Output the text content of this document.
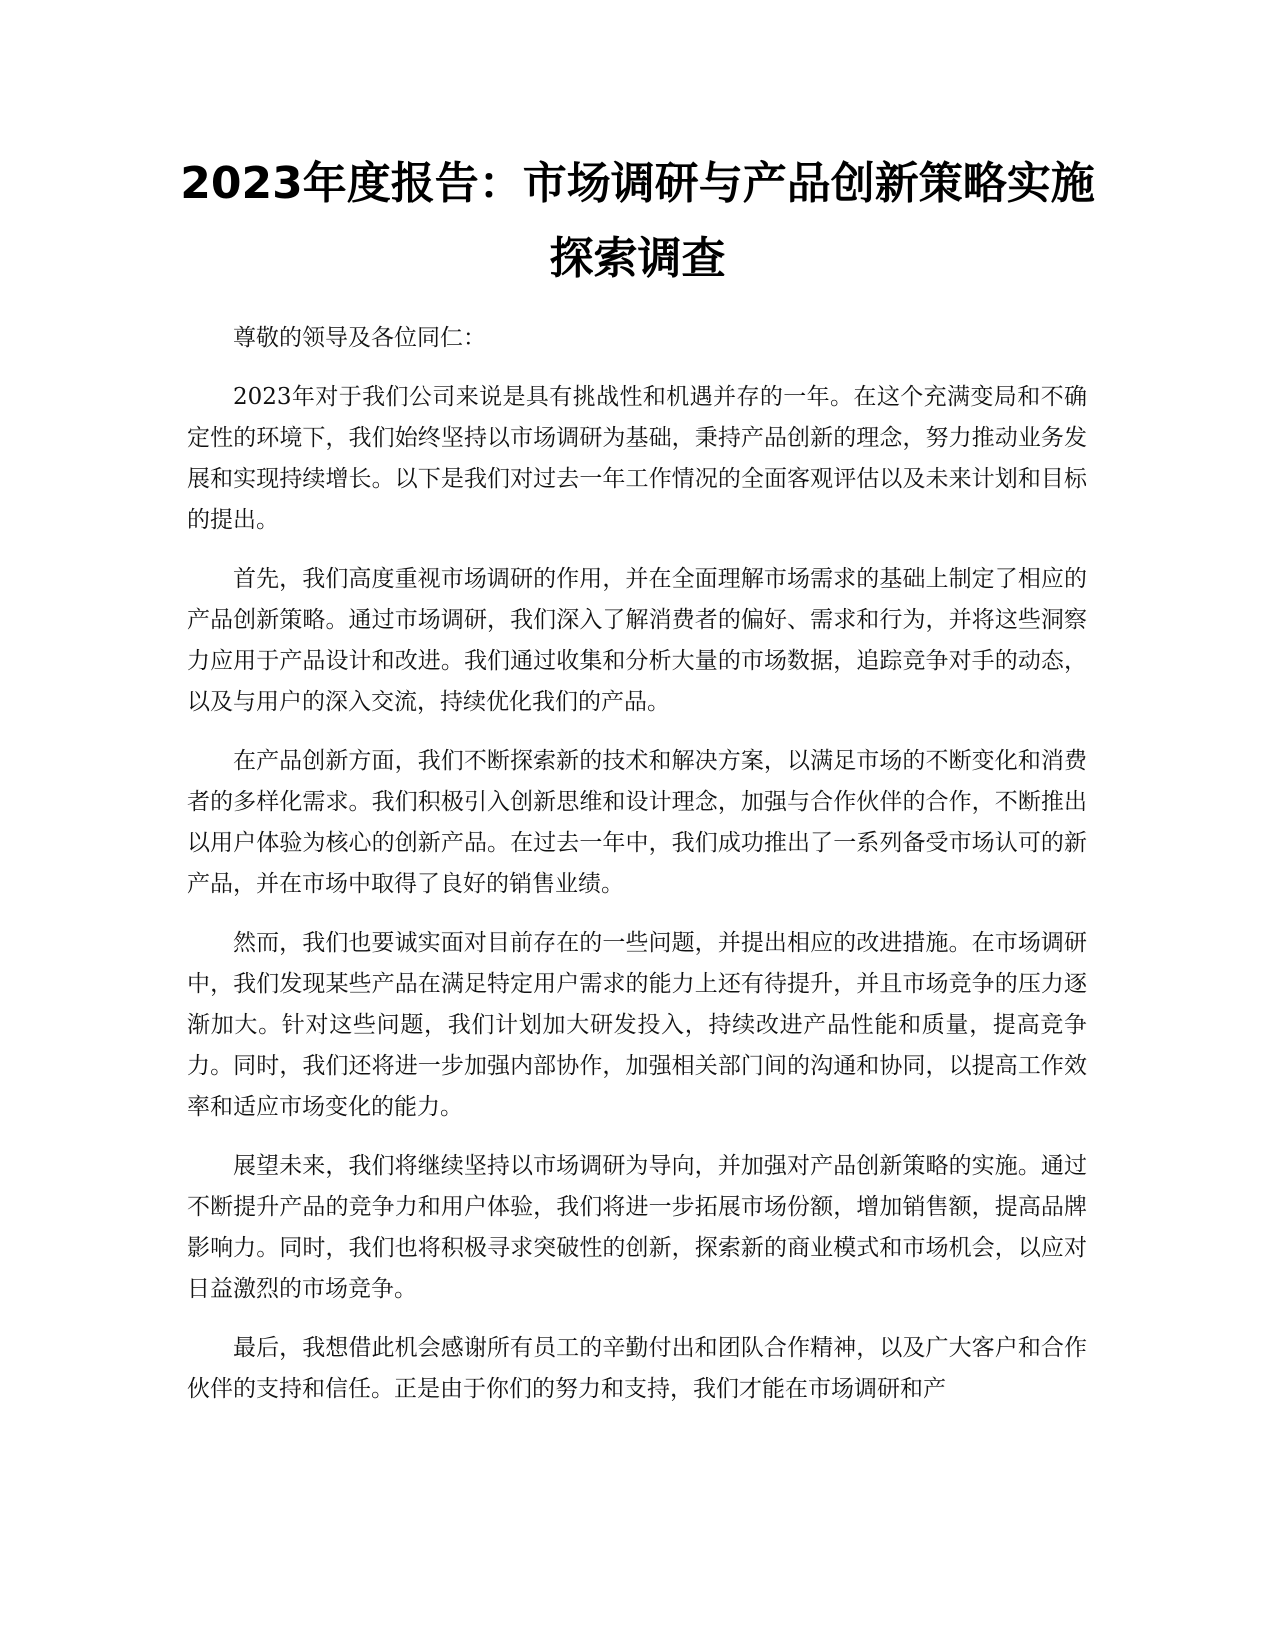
2023年度报告：市场调研与产品创新策略实施探索调查

尊敬的领导及各位同仁：

2023年对于我们公司来说是具有挑战性和机遇并存的一年。在这个充满变局和不确定性的环境下，我们始终坚持以市场调研为基础，秉持产品创新的理念，努力推动业务发展和实现持续增长。以下是我们对过去一年工作情况的全面客观评估以及未来计划和目标的提出。

首先，我们高度重视市场调研的作用，并在全面理解市场需求的基础上制定了相应的产品创新策略。通过市场调研，我们深入了解消费者的偏好、需求和行为，并将这些洞察力应用于产品设计和改进。我们通过收集和分析大量的市场数据，追踪竞争对手的动态，以及与用户的深入交流，持续优化我们的产品。

在产品创新方面，我们不断探索新的技术和解决方案，以满足市场的不断变化和消费者的多样化需求。我们积极引入创新思维和设计理念，加强与合作伙伴的合作，不断推出以用户体验为核心的创新产品。在过去一年中，我们成功推出了一系列备受市场认可的新产品，并在市场中取得了良好的销售业绩。

然而，我们也要诚实面对目前存在的一些问题，并提出相应的改进措施。在市场调研中，我们发现某些产品在满足特定用户需求的能力上还有待提升，并且市场竞争的压力逐渐加大。针对这些问题，我们计划加大研发投入，持续改进产品性能和质量，提高竞争力。同时，我们还将进一步加强内部协作，加强相关部门间的沟通和协同，以提高工作效率和适应市场变化的能力。

展望未来，我们将继续坚持以市场调研为导向，并加强对产品创新策略的实施。通过不断提升产品的竞争力和用户体验，我们将进一步拓展市场份额，增加销售额，提高品牌影响力。同时，我们也将积极寻求突破性的创新，探索新的商业模式和市场机会，以应对日益激烈的市场竞争。

最后，我想借此机会感谢所有员工的辛勤付出和团队合作精神，以及广大客户和合作伙伴的支持和信任。正是由于你们的努力和支持，我们才能在市场调研和产
